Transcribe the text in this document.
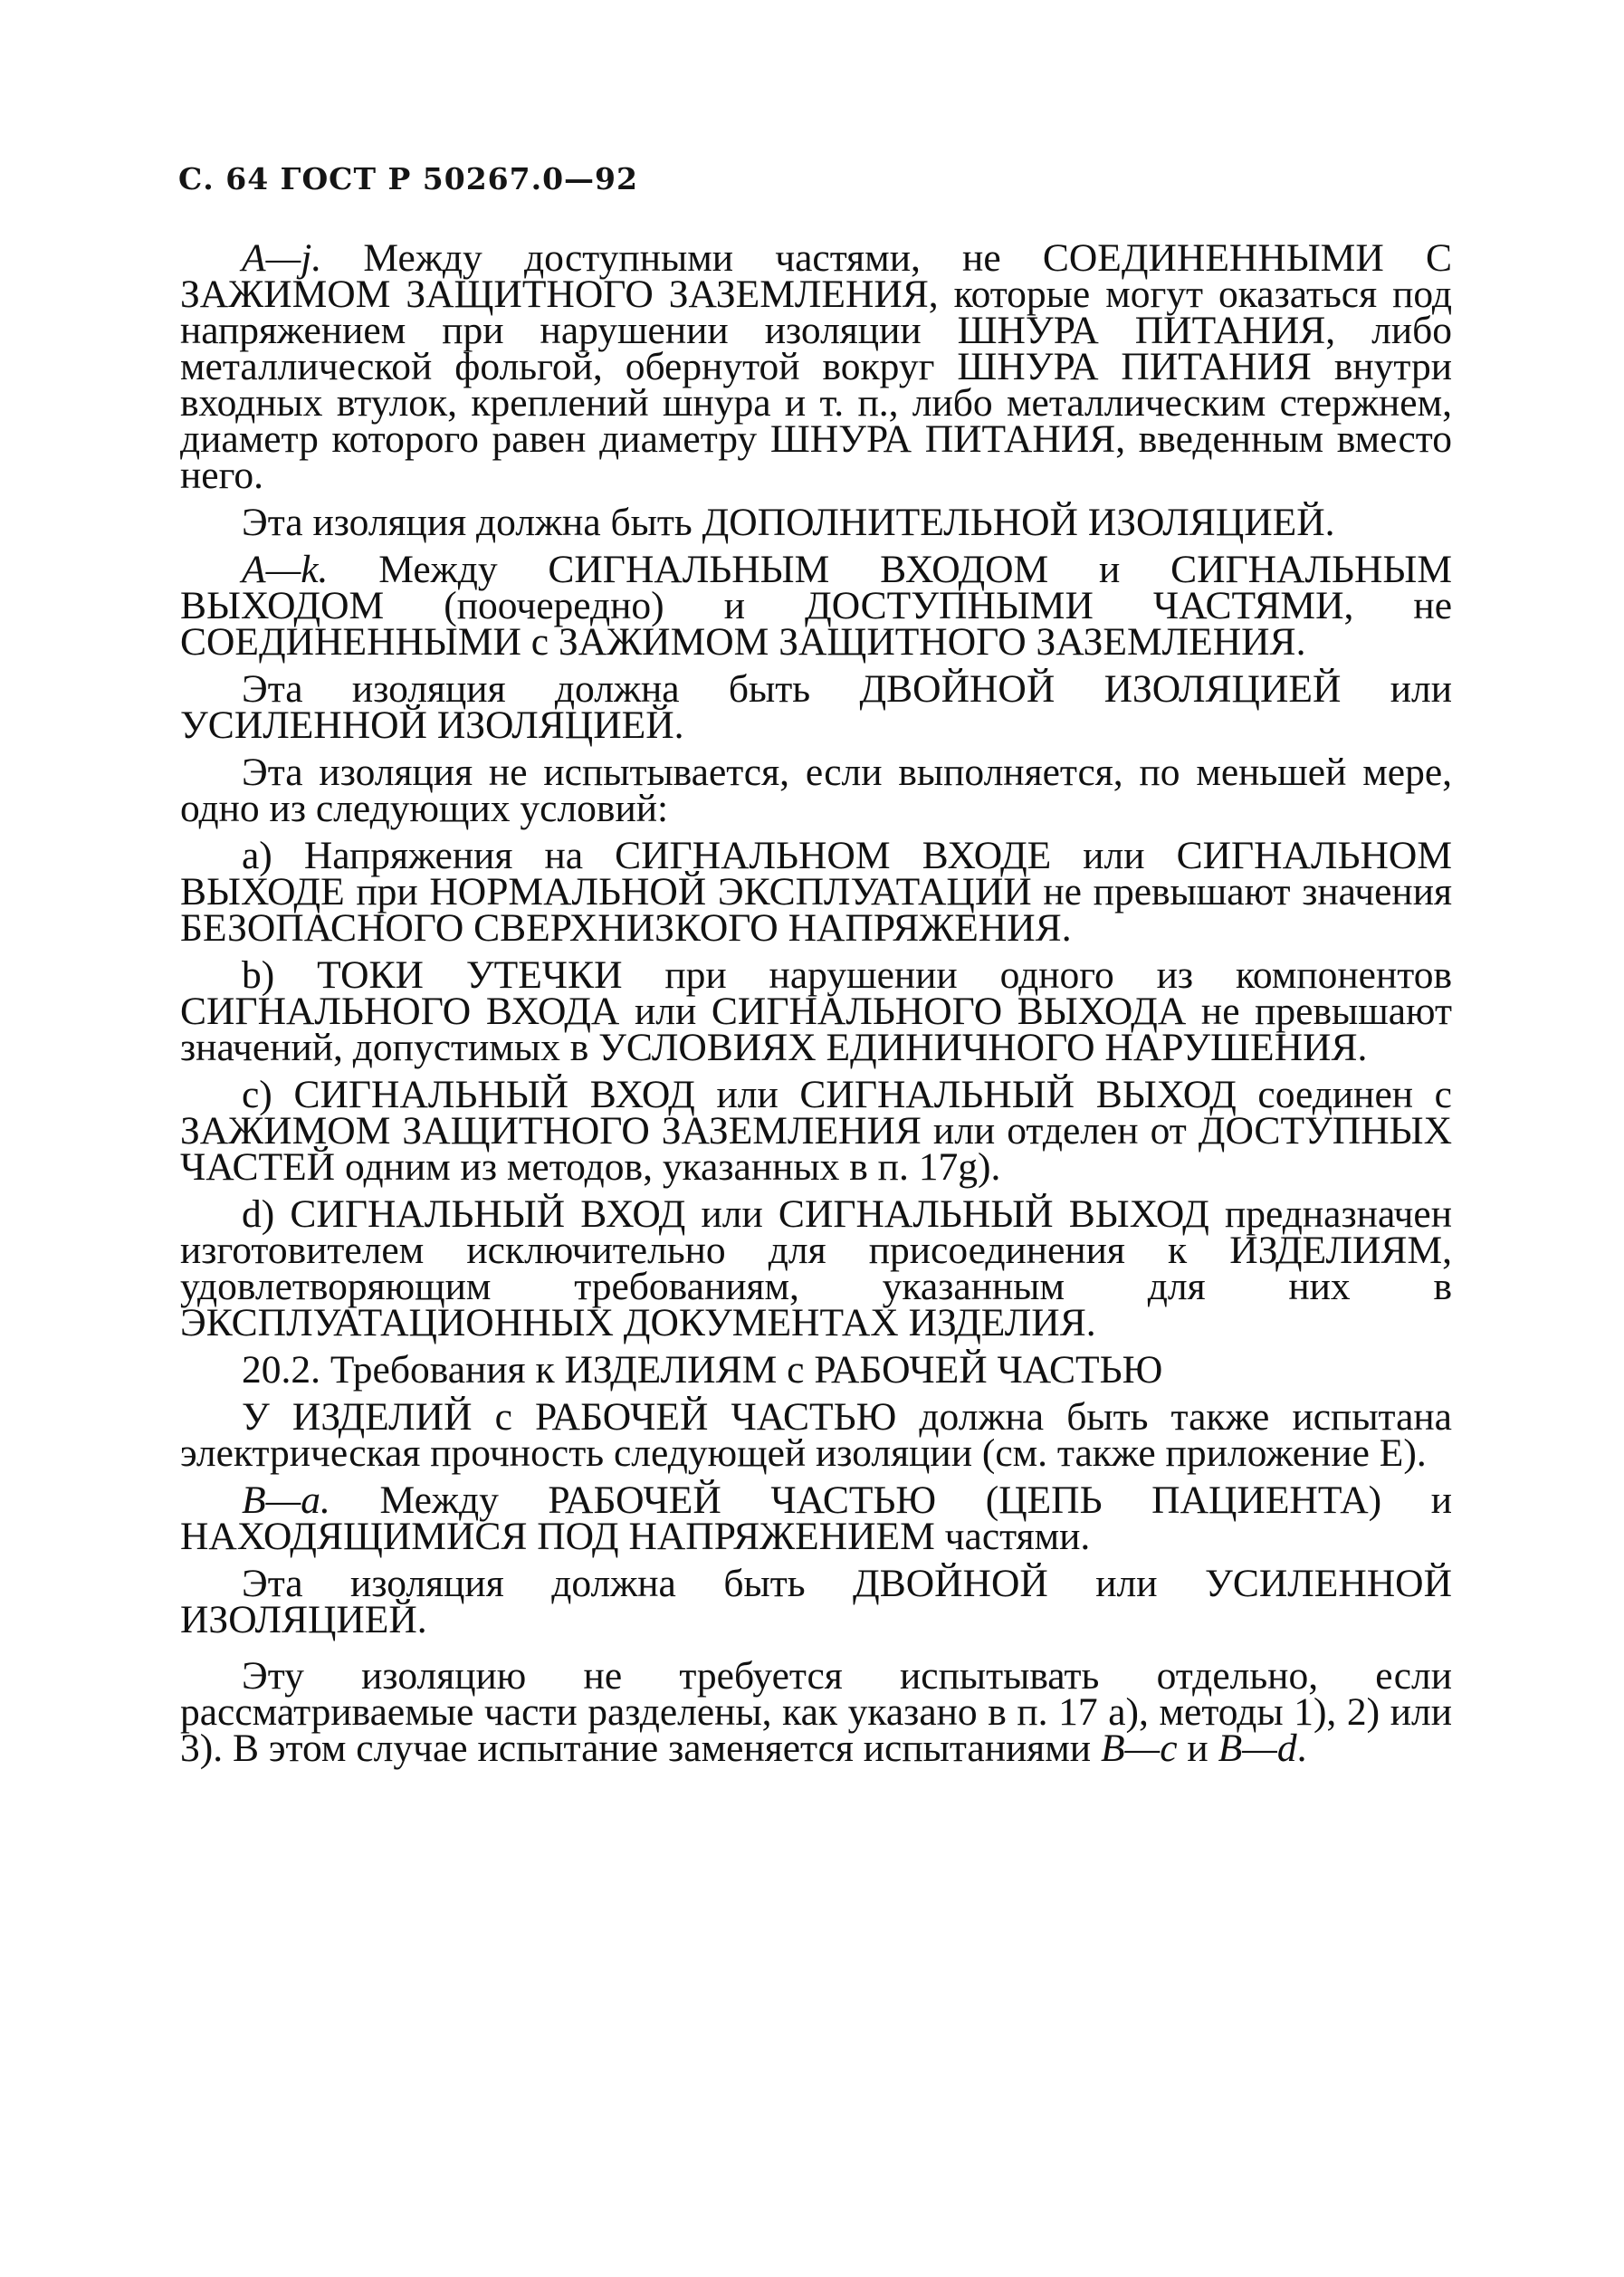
С. 64 ГОСТ Р 50267.0—92

A—j. Между доступными частями, не СОЕДИНЕННЫМИ С ЗАЖИМОМ ЗАЩИТНОГО ЗАЗЕМЛЕНИЯ, которые могут оказаться под напряжением при нарушении изоляции ШНУРА ПИТАНИЯ, либо металлической фольгой, обернутой вокруг ШНУРА ПИТАНИЯ внутри входных втулок, креплений шнура и т. п., либо металлическим стержнем, диаметр которого равен диаметру ШНУРА ПИТАНИЯ, введенным вместо него.

Эта изоляция должна быть ДОПОЛНИТЕЛЬНОЙ ИЗОЛЯЦИЕЙ.

A—k. Между СИГНАЛЬНЫМ ВХОДОМ и СИГНАЛЬНЫМ ВЫХОДОМ (поочередно) и ДОСТУПНЫМИ ЧАСТЯМИ, не СОЕДИНЕННЫМИ с ЗАЖИМОМ ЗАЩИТНОГО ЗАЗЕМЛЕНИЯ.

Эта изоляция должна быть ДВОЙНОЙ ИЗОЛЯЦИЕЙ или УСИЛЕННОЙ ИЗОЛЯЦИЕЙ.

Эта изоляция не испытывается, если выполняется, по меньшей мере, одно из следующих условий:

a) Напряжения на СИГНАЛЬНОМ ВХОДЕ или СИГНАЛЬНОМ ВЫХОДЕ при НОРМАЛЬНОЙ ЭКСПЛУАТАЦИИ не превышают значения БЕЗОПАСНОГО СВЕРХНИЗКОГО НАПРЯЖЕНИЯ.

b) ТОКИ УТЕЧКИ при нарушении одного из компонентов СИГНАЛЬНОГО ВХОДА или СИГНАЛЬНОГО ВЫХОДА не превышают значений, допустимых в УСЛОВИЯХ ЕДИНИЧНОГО НАРУШЕНИЯ.

c) СИГНАЛЬНЫЙ ВХОД или СИГНАЛЬНЫЙ ВЫХОД соединен с ЗАЖИМОМ ЗАЩИТНОГО ЗАЗЕМЛЕНИЯ или отделен от ДОСТУПНЫХ ЧАСТЕЙ одним из методов, указанных в п. 17g).

d) СИГНАЛЬНЫЙ ВХОД или СИГНАЛЬНЫЙ ВЫХОД предназначен изготовителем исключительно для присоединения к ИЗДЕЛИЯМ, удовлетворяющим требованиям, указанным для них в ЭКСПЛУАТАЦИОННЫХ ДОКУМЕНТАХ ИЗДЕЛИЯ.

20.2. Требования к ИЗДЕЛИЯМ с РАБОЧЕЙ ЧАСТЬЮ

У ИЗДЕЛИЙ с РАБОЧЕЙ ЧАСТЬЮ должна быть также испытана электрическая прочность следующей изоляции (см. также приложение Е).

B—a. Между РАБОЧЕЙ ЧАСТЬЮ (ЦЕПЬ ПАЦИЕНТА) и НАХОДЯЩИМИСЯ ПОД НАПРЯЖЕНИЕМ частями.

Эта изоляция должна быть ДВОЙНОЙ или УСИЛЕННОЙ ИЗОЛЯЦИЕЙ.

Эту изоляцию не требуется испытывать отдельно, если рассматриваемые части разделены, как указано в п. 17 а), методы 1), 2) или 3). В этом случае испытание заменяется испытаниями B—c и B—d.
